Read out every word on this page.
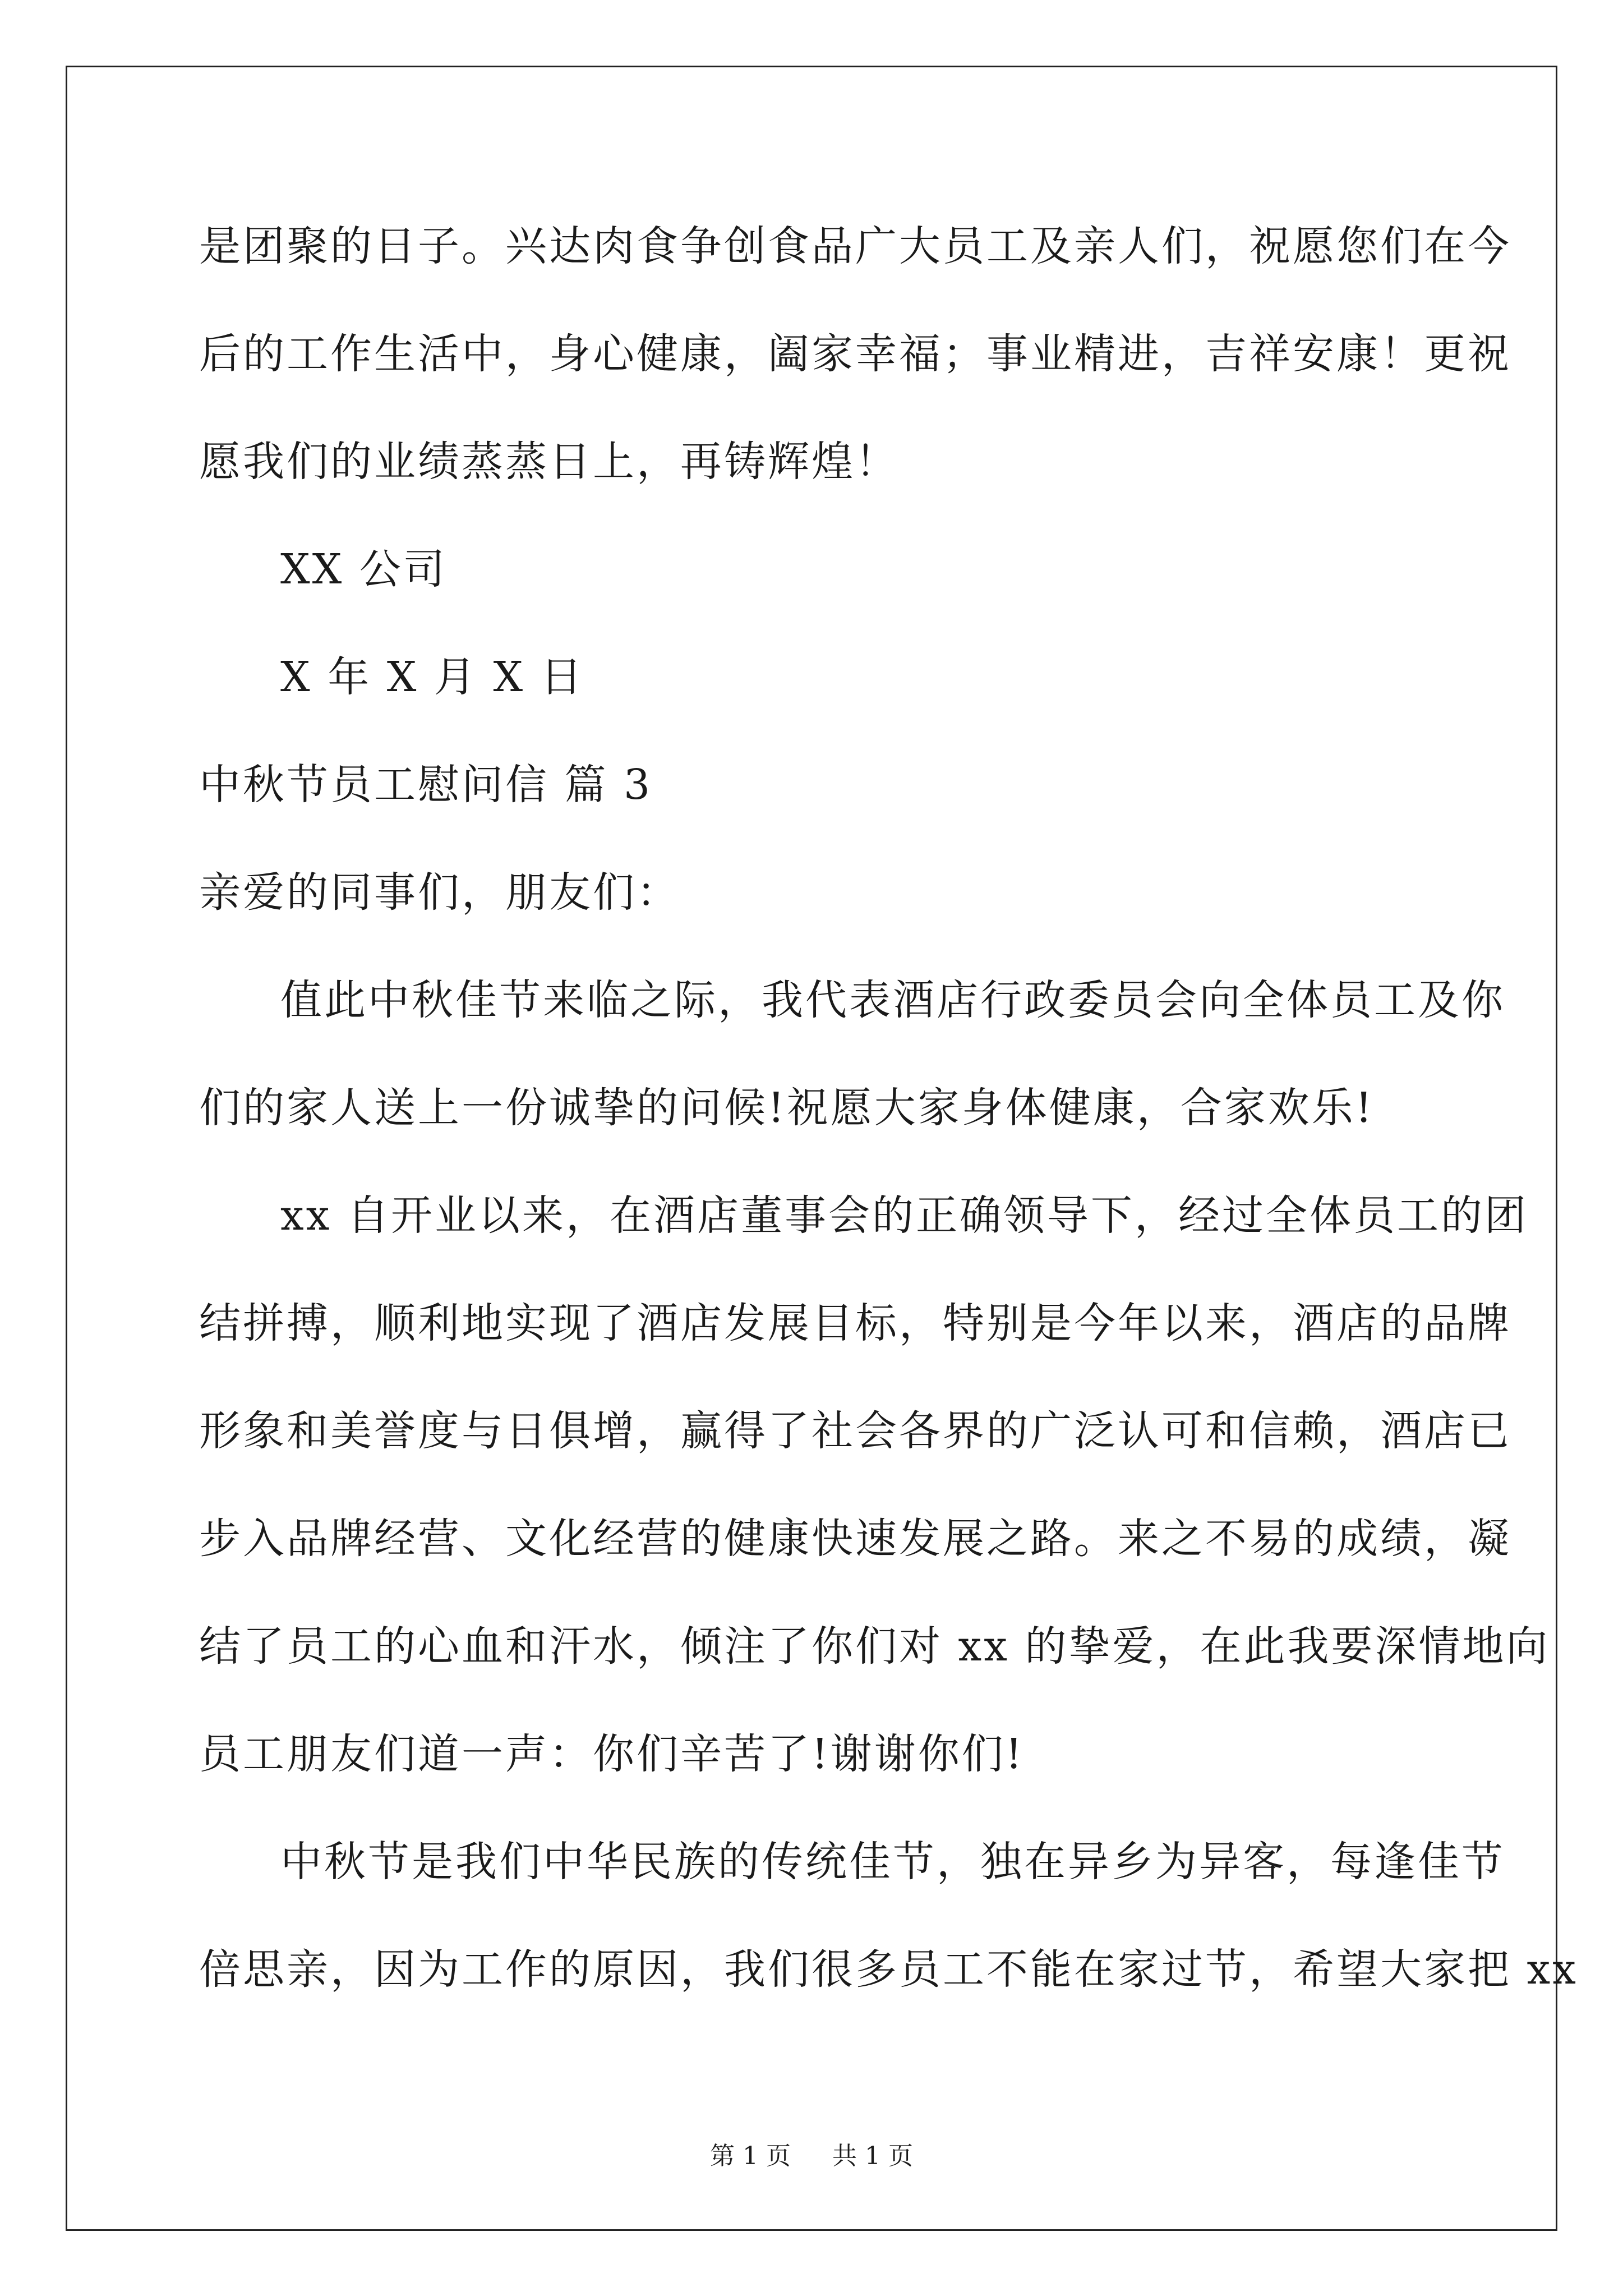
是团聚的日子。兴达肉食争创食品广大员工及亲人们，祝愿您们在今
后的工作生活中，身心健康，阖家幸福；事业精进，吉祥安康！更祝
愿我们的业绩蒸蒸日上，再铸辉煌！
XX 公司
X 年 X 月 X 日
中秋节员工慰问信 篇 3
亲爱的同事们，朋友们：
值此中秋佳节来临之际，我代表酒店行政委员会向全体员工及你
们的家人送上一份诚挚的问候!祝愿大家身体健康，合家欢乐!
xx 自开业以来，在酒店董事会的正确领导下，经过全体员工的团
结拼搏，顺利地实现了酒店发展目标，特别是今年以来，酒店的品牌
形象和美誉度与日俱增，赢得了社会各界的广泛认可和信赖，酒店已
步入品牌经营、文化经营的健康快速发展之路。来之不易的成绩，凝
结了员工的心血和汗水，倾注了你们对 xx 的挚爱，在此我要深情地向
员工朋友们道一声：你们辛苦了!谢谢你们!
中秋节是我们中华民族的传统佳节，独在异乡为异客，每逢佳节
倍思亲，因为工作的原因，我们很多员工不能在家过节，希望大家把 xx
第 1 页 共 1 页
